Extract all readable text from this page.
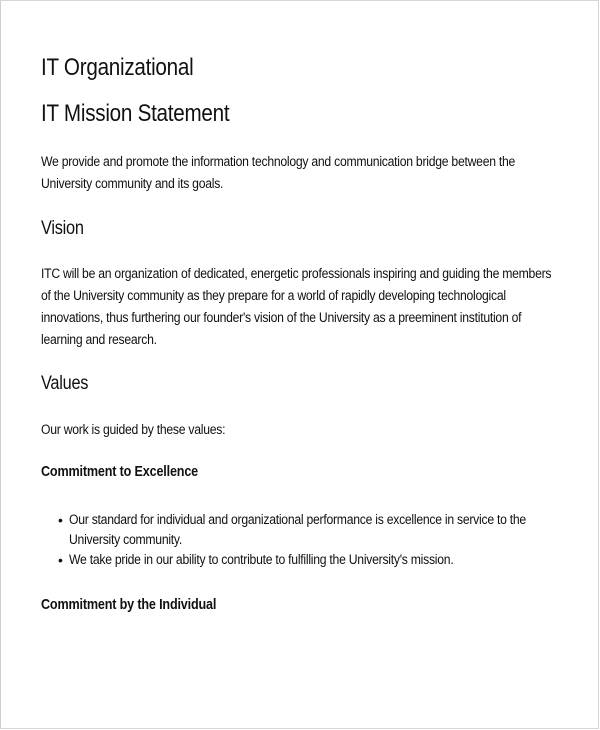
IT Organizational
IT Mission Statement
We provide and promote the information technology and communication bridge between the
University community and its goals.
Vision
ITC will be an organization of dedicated, energetic professionals inspiring and guiding the members
of the University community as they prepare for a world of rapidly developing technological
innovations, thus furthering our founder's vision of the University as a preeminent institution of
learning and research.
Values
Our work is guided by these values:
Commitment to Excellence
• Our standard for individual and organizational performance is excellence in service to the
University community.
• We take pride in our ability to contribute to fulfilling the University's mission.
Commitment by the Individual
